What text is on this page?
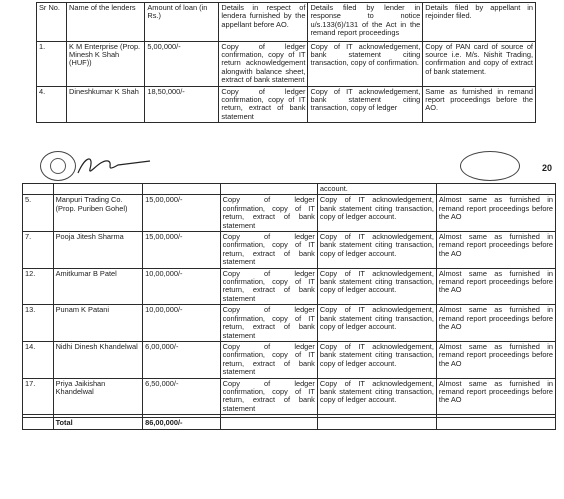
Sr No.	Name of the lenders	Amount of loan (in Rs.)	Details in respect of lendera furnished by the appellant before AO.	Details filed by lender in response to notice u/s.133(6)/131 of the Act in the remand report proceedings	Details filed by appellant in rejoinder filed.
1.	K M Enterprise (Prop. Minesh K Shah (HUF))	5,00,000/-	Copy of ledger confirmation, copy of IT return acknowledgement alongwith balance sheet, extract of bank statement	Copy of IT acknowledgement, bank statement citing transaction, copy of confirmation.	Copy of PAN card of source of source i.e. M/s. Nishit Trading, confirmation and copy of extract of bank statement.
4.	Dineshkumar K Shah	18,50,000/-	Copy of ledger confirmation, copy of IT return, extract of bank statement	Copy of IT acknowledgement, bank statement citing transaction, copy of ledger	Same as furnished in remand report proceedings before the AO.
20
				account.	
5.	Manpuri Trading Co. (Prop. Puriben Gohel)	15,00,000/-	Copy of ledger confirmation, copy of IT return, extract of bank statement	Copy of IT acknowledgement, bank statement citing transaction, copy of ledger account.	Almost same as furnished in remand report proceedings before the AO
7.	Pooja Jitesh Sharma	15,00,000/-	Copy of ledger confirmation, copy of IT return, extract of bank statement	Copy of IT acknowledgement, bank statement citing transaction, copy of ledger account.	Almost same as furnished in remand report proceedings before the AO
12.	Amitkumar B Patel	10,00,000/-	Copy of ledger confirmation, copy of IT return, extract of bank statement	Copy of IT acknowledgement, bank statement citing transaction, copy of ledger account.	Almost same as furnished in remand report proceedings before the AO
13.	Punam K Patani	10,00,000/-	Copy of ledger confirmation, copy of IT return, extract of bank statement	Copy of IT acknowledgement, bank statement citing transaction, copy of ledger account.	Almost same as furnished in remand report proceedings before the AO
14.	Nidhi Dinesh Khandelwal	6,00,000/-	Copy of ledger confirmation, copy of IT return, extract of bank statement	Copy of IT acknowledgement, bank statement citing transaction, copy of ledger account.	Almost same as furnished in remand report proceedings before the AO
17.	Priya Jaikishan Khandelwal	6,50,000/-	Copy of ledger confirmation, copy of IT return, extract of bank statement	Copy of IT acknowledgement, bank statement citing transaction, copy of ledger account.	Almost same as furnished in remand report proceedings before the AO

	Total	86,00,000/-			
